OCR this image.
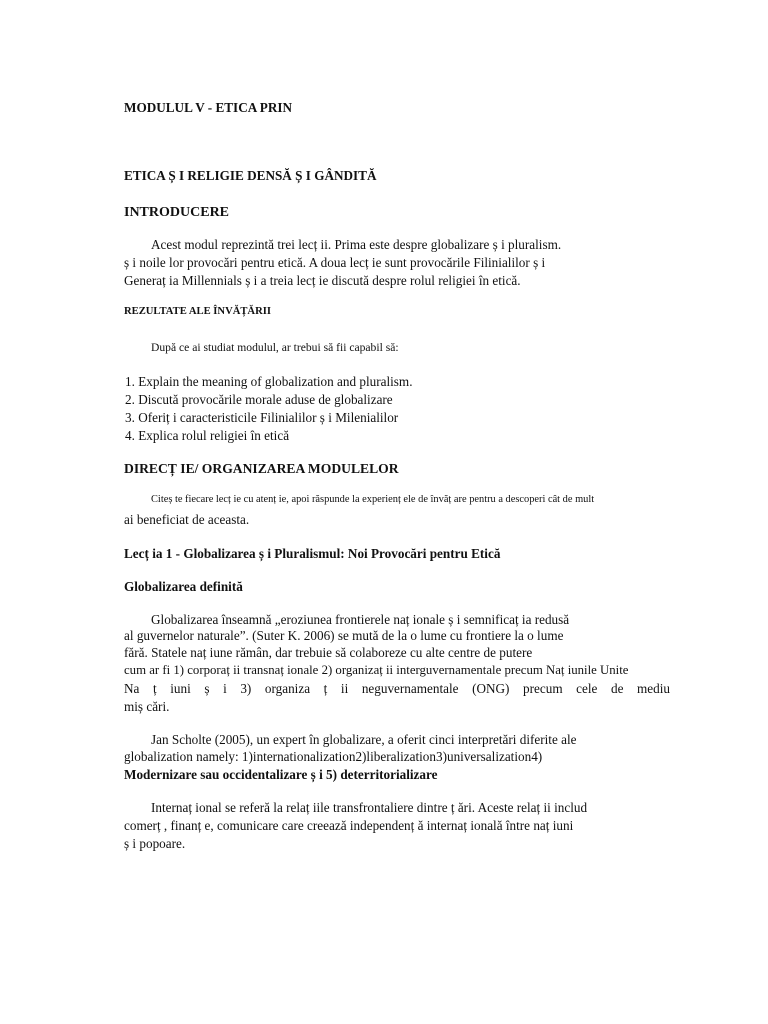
MODULUL V - ETICA PRIN
ETICA Ș I RELIGIE DENSĂ Ș I GÂNDITĂ
INTRODUCERE
Acest modul reprezintă trei lecț ii. Prima este despre globalizare ș i pluralism.
ș i noile lor provocări pentru etică. A doua lecț ie sunt provocările Filinialilor ș i
Generaț ia Millennials ș i a treia lecț ie discută despre rolul religiei în etică.
REZULTATE ALE ÎNVĂȚĂRII
După ce ai studiat modulul, ar trebui să fii capabil să:
1. Explain the meaning of globalization and pluralism.
2. Discută provocările morale aduse de globalizare
3. Oferiț i caracteristicile Filinialilor ș i Milenialilor
4. Explica rolul religiei în etică
DIRECȚ IE/ ORGANIZAREA MODULELOR
Citeș te fiecare lecț ie cu atenț ie, apoi răspunde la experienț ele de învăț are pentru a descoperi cât de mult
ai beneficiat de aceasta.
Lecț ia 1 - Globalizarea ș i Pluralismul: Noi Provocări pentru Etică
Globalizarea definită
Globalizarea înseamnă „eroziunea frontierele naț ionale ș i semnificaț ia redusă
al guvernelor naturale”. (Suter K. 2006) se mută de la o lume cu frontiere la o lume
fără. Statele naț iune rămân, dar trebuie să colaboreze cu alte centre de putere
cum ar fi 1) corporaț ii transnaț ionale 2) organizaț ii interguvernamentale precum Naț iunile Unite
Na ț iuni ș i 3) organiza ț ii neguvernamentale (ONG) precum cele de mediu
miș cări.
Jan Scholte (2005), un expert în globalizare, a oferit cinci interpretări diferite ale
globalization namely: 1)internationalization2)liberalization3)universalization4)
Modernizare sau occidentalizare ș i 5) deterritorializare
Internaț ional se referă la relaț iile transfrontaliere dintre ț ări. Aceste relaț ii includ
comerț , finanț e, comunicare care creează independenț ă internaț ională între naț iuni
ș i popoare.
